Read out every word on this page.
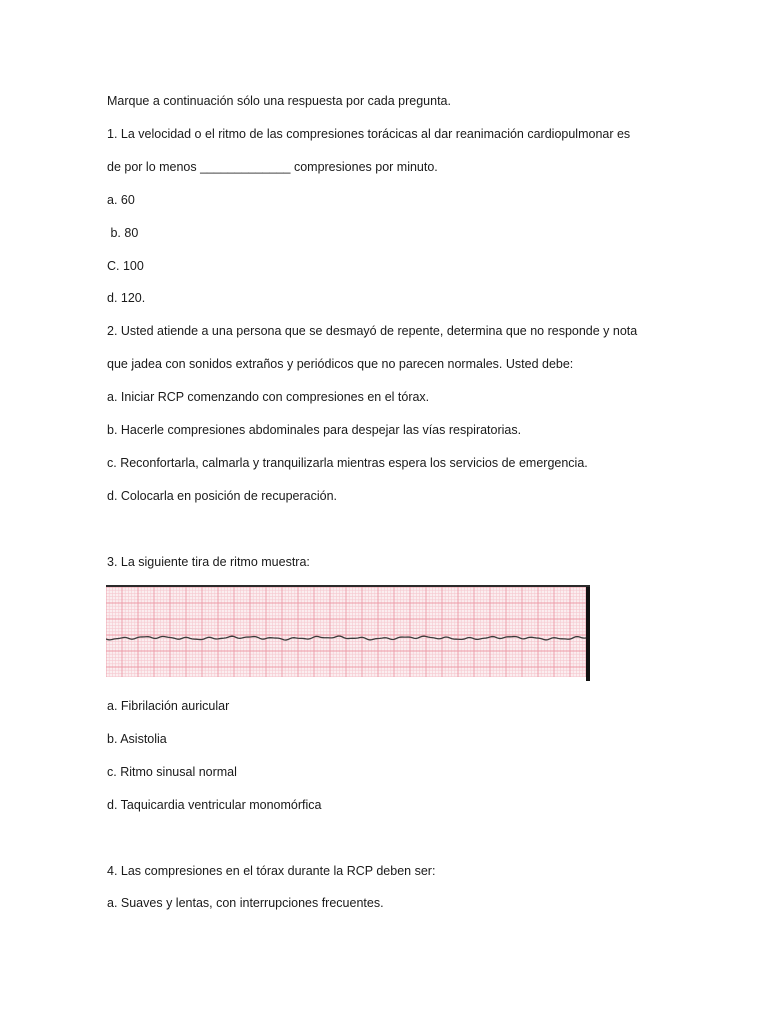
Marque a continuación sólo una respuesta por cada pregunta.
1. La velocidad o el ritmo de las compresiones torácicas al dar reanimación cardiopulmonar es
de por lo menos _____________ compresiones por minuto.
a. 60
b. 80
C. 100
d. 120.
2. Usted atiende a una persona que se desmayó de repente, determina que no responde y nota
que jadea con sonidos extraños y periódicos que no parecen normales. Usted debe:
a. Iniciar RCP comenzando con compresiones en el tórax.
b. Hacerle compresiones abdominales para despejar las vías respiratorias.
c. Reconfortarla, calmarla y tranquilizarla mientras espera los servicios de emergencia.
d. Colocarla en posición de recuperación.
3. La siguiente tira de ritmo muestra:
a. Fibrilación auricular
b. Asistolia
c. Ritmo sinusal normal
d. Taquicardia ventricular monomórfica
4. Las compresiones en el tórax durante la RCP deben ser:
a. Suaves y lentas, con interrupciones frecuentes.
